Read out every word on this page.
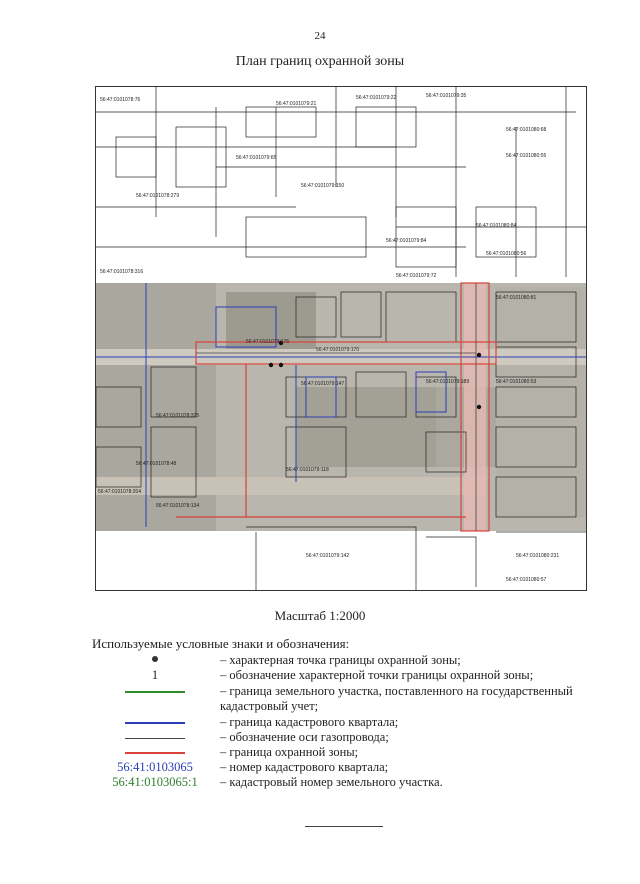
24
План границ охранной зоны
56:47:0101078:76
56:47:0101079:21
56:47:0101079:22	56:47:0101079:35
56:47:0101080:68
56:47:0101080:55
56:47:0101079:65
56:47:0101079:150
56:47:0101079:84
56:47:0101079:72
56:47:0101080:84
56:47:0101080:56
56:47:0101080:81
56:47:0101080:53
56:47:0101079:176
56:47:0101079:170
56:47:0101079:147
56:47:0101079:118
56:47:0101079:142	56:47:0101080:231
56:47:0101080:57
56:47:0101079:189
56:47:0101078:134
56:47:0101078:279
56:47:0101078:316
56:47:0101078:325
56:47:0101078:48
56:47:0101078:204
Масштаб 1:2000
Используемые условные знаки и обозначения:
– характерная точка границы охранной зоны;
1	– обозначение характерной точки границы охранной зоны;
– граница земельного участка, поставленного на государственный кадастровый учет;
– граница кадастрового квартала;
– обозначение оси газопровода;
– граница охранной зоны;
56:41:0103065	– номер кадастрового квартала;
56:41:0103065:1	– кадастровый номер земельного участка.
